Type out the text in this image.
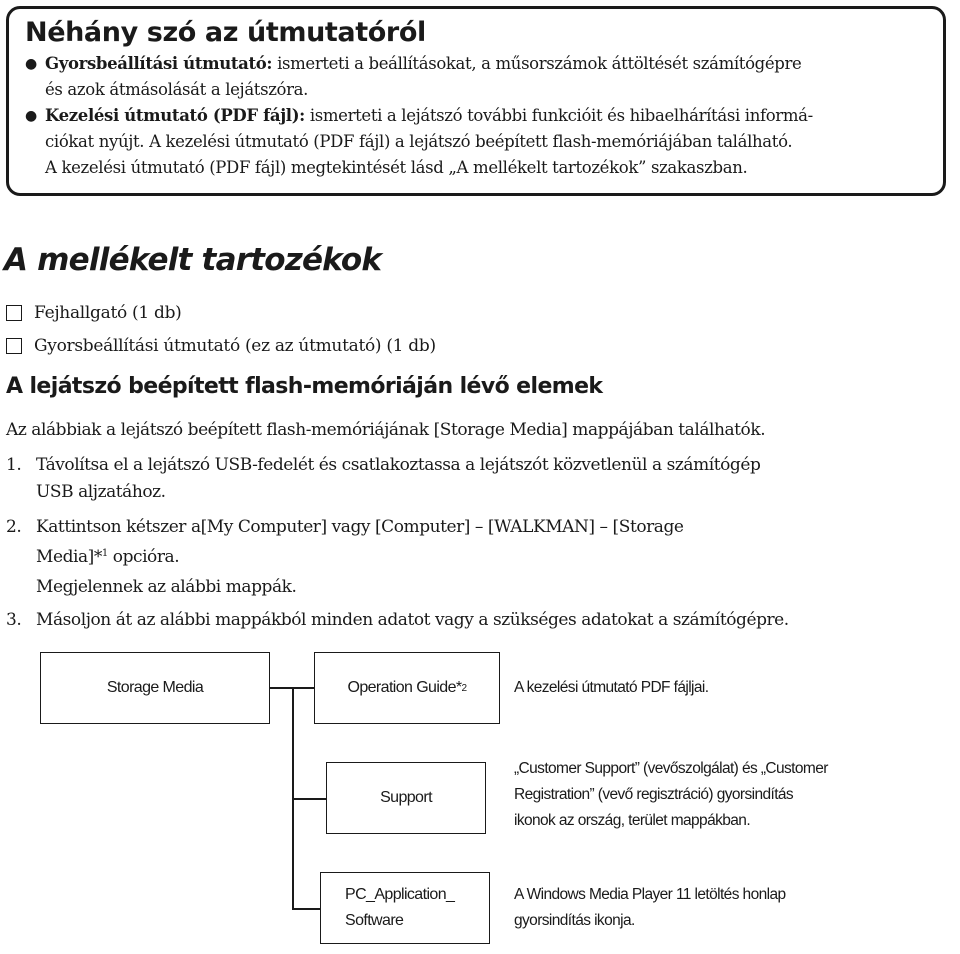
Néhány szó az útmutatóról

● Gyorsbeállítási útmutató: ismerteti a beállításokat, a műsorszámok áttöltését számítógépre

és azok átmásolását a lejátszóra.

● Kezelési útmutató (PDF fájl): ismerteti a lejátszó további funkcióit és hibaelhárítási informá-

ciókat nyújt. A kezelési útmutató (PDF fájl) a lejátszó beépített flash-memóriájában található.

A kezelési útmutató (PDF fájl) megtekintését lásd „A mellékelt tartozékok” szakaszban.

A mellékelt tartozékok
Fejhallgató (1 db)
Gyorsbeállítási útmutató (ez az útmutató) (1 db)
A lejátszó beépített flash-memóriáján lévő elemek

Az alábbiak a lejátszó beépített flash-memóriájának [Storage Media] mappájában találhatók.

1. Távolítsa el a lejátszó USB-fedelét és csatlakoztassa a lejátszót közvetlenül a számítógép

USB aljzatához.

2. Kattintson kétszer a[My Computer] vagy [Computer] – [WALKMAN] – [Storage

Media]*$^1$ opcióra.

Megjelennek az alábbi mappák.

3. Másoljon át az alábbi mappákból minden adatot vagy a szükséges adatokat a számítógépre.

Storage Media	Operation Guide* 2	A kezelési útmutató PDF fájljai.

Support

„Customer Support” (vevőszolgálat) és „Customer

Registration” (vevő regisztráció) gyorsindítás

ikonok az ország, terület mappákban.

PC_Application_
Software

A Windows Media Player 11 letöltés honlap

gyorsindítás ikonja.
